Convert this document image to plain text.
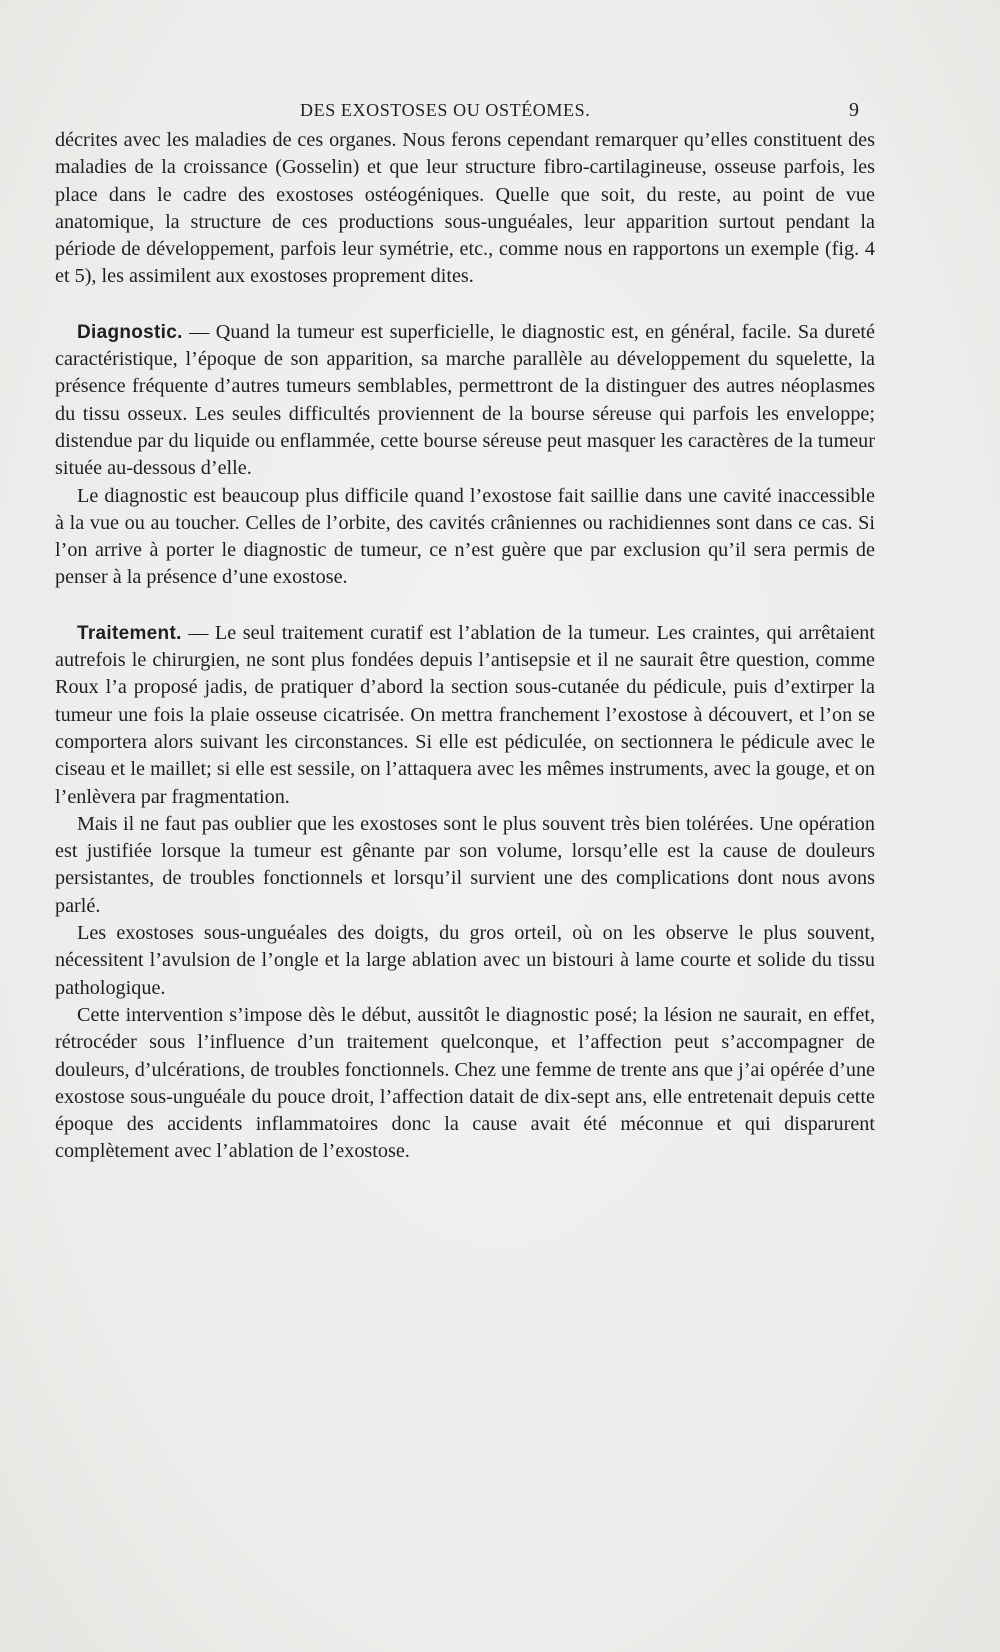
DES EXOSTOSES OU OSTÉOMES.	9

décrites avec les maladies de ces organes. Nous ferons cependant remarquer qu’elles constituent des maladies de la croissance (Gosselin) et que leur structure fibro-cartilagineuse, osseuse parfois, les place dans le cadre des exostoses ostéogéniques. Quelle que soit, du reste, au point de vue anatomique, la structure de ces productions sous-unguéales, leur apparition surtout pendant la période de développement, parfois leur symétrie, etc., comme nous en rapportons un exemple (fig. 4 et 5), les assimilent aux exostoses proprement dites.

Diagnostic. — Quand la tumeur est superficielle, le diagnostic est, en général, facile. Sa dureté caractéristique, l’époque de son apparition, sa marche parallèle au développement du squelette, la présence fréquente d’autres tumeurs semblables, permettront de la distinguer des autres néoplasmes du tissu osseux. Les seules difficultés proviennent de la bourse séreuse qui parfois les enveloppe; distendue par du liquide ou enflammée, cette bourse séreuse peut masquer les caractères de la tumeur située au-dessous d’elle.

Le diagnostic est beaucoup plus difficile quand l’exostose fait saillie dans une cavité inaccessible à la vue ou au toucher. Celles de l’orbite, des cavités crâniennes ou rachidiennes sont dans ce cas. Si l’on arrive à porter le diagnostic de tumeur, ce n’est guère que par exclusion qu’il sera permis de penser à la présence d’une exostose.

Traitement. — Le seul traitement curatif est l’ablation de la tumeur. Les craintes, qui arrêtaient autrefois le chirurgien, ne sont plus fondées depuis l’antisepsie et il ne saurait être question, comme Roux l’a proposé jadis, de pratiquer d’abord la section sous-cutanée du pédicule, puis d’extirper la tumeur une fois la plaie osseuse cicatrisée. On mettra franchement l’exostose à découvert, et l’on se comportera alors suivant les circonstances. Si elle est pédiculée, on sectionnera le pédicule avec le ciseau et le maillet; si elle est sessile, on l’attaquera avec les mêmes instruments, avec la gouge, et on l’enlèvera par fragmentation.

Mais il ne faut pas oublier que les exostoses sont le plus souvent très bien tolérées. Une opération est justifiée lorsque la tumeur est gênante par son volume, lorsqu’elle est la cause de douleurs persistantes, de troubles fonctionnels et lorsqu’il survient une des complications dont nous avons parlé.

Les exostoses sous-unguéales des doigts, du gros orteil, où on les observe le plus souvent, nécessitent l’avulsion de l’ongle et la large ablation avec un bistouri à lame courte et solide du tissu pathologique.

Cette intervention s’impose dès le début, aussitôt le diagnostic posé; la lésion ne saurait, en effet, rétrocéder sous l’influence d’un traitement quelconque, et l’affection peut s’accompagner de douleurs, d’ulcérations, de troubles fonctionnels. Chez une femme de trente ans que j’ai opérée d’une exostose sous-unguéale du pouce droit, l’affection datait de dix-sept ans, elle entretenait depuis cette époque des accidents inflammatoires donc la cause avait été méconnue et qui disparurent complètement avec l’ablation de l’exostose.
